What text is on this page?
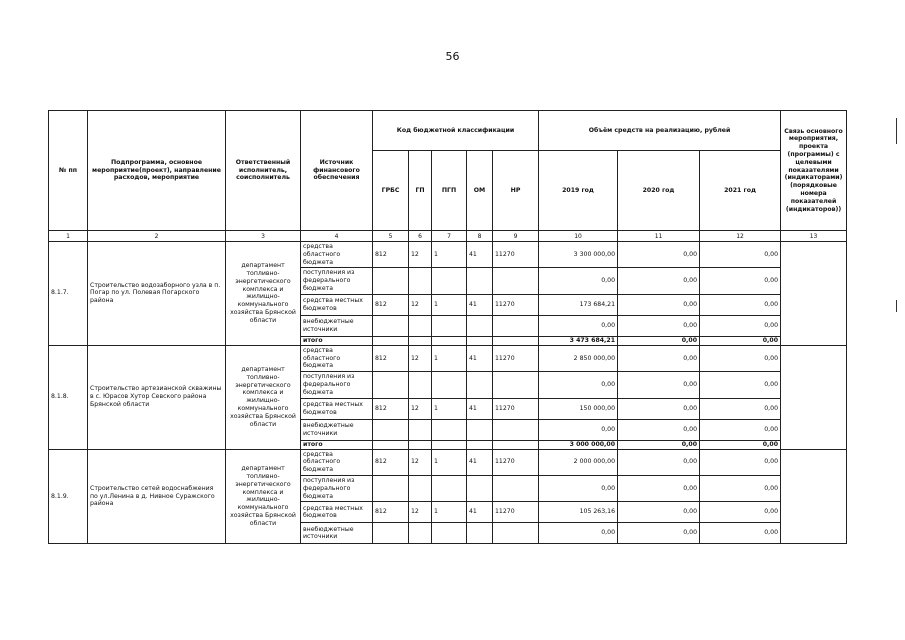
56
№ пп	Подпрограмма, основное мероприятие(проект), направление расходов, мероприятие	Ответственный исполнитель, соисполнитель	Источник финансового обеспечения	Код бюджетной классификации					Объём средств на реализацию, рублей			Связь основного мероприятия, проекта (программы) с целевыми показателями (индикаторами) (порядковые номера показателей (индикаторов))
				ГРБС	ГП	ПГП	ОМ	НР	2019 год	2020 год	2021 год	
1	2	3	4	5	6	7	8	9	10	11	12	13
8.1.7.	Строительство водозаборного узла в п. Погар по ул. Полевая Погарского района	департамент топливно-энергетического комплекса и жилищно-коммунального хозяйства Брянской области	средства областного бюджета	812	12	1	41	11270	3 300 000,00	0,00	0,00	
			поступления из федерального бюджета						0,00	0,00	0,00	
			средства местных бюджетов	812	12	1	41	11270	173 684,21	0,00	0,00	
			внебюджетные источники						0,00	0,00	0,00	
			итого						3 473 684,21	0,00	0,00	
8.1.8.	Строительство артезианской скважины в с. Юрасов Хутор Севского района Брянской области	департамент топливно-энергетического комплекса и жилищно-коммунального хозяйства Брянской области	средства областного бюджета	812	12	1	41	11270	2 850 000,00	0,00	0,00	
			поступления из федерального бюджета						0,00	0,00	0,00	
			средства местных бюджетов	812	12	1	41	11270	150 000,00	0,00	0,00	
			внебюджетные источники						0,00	0,00	0,00	
			итого						3 000 000,00	0,00	0,00	
8.1.9.	Строительство сетей водоснабжения по ул.Ленина в д. Нивное Суражского района	департамент топливно-энергетического комплекса и жилищно-коммунального хозяйства Брянской области	средства областного бюджета	812	12	1	41	11270	2 000 000,00	0,00	0,00	
			поступления из федерального бюджета						0,00	0,00	0,00	
			средства местных бюджетов	812	12	1	41	11270	105 263,16	0,00	0,00	
			внебюджетные источники						0,00	0,00	0,00	
